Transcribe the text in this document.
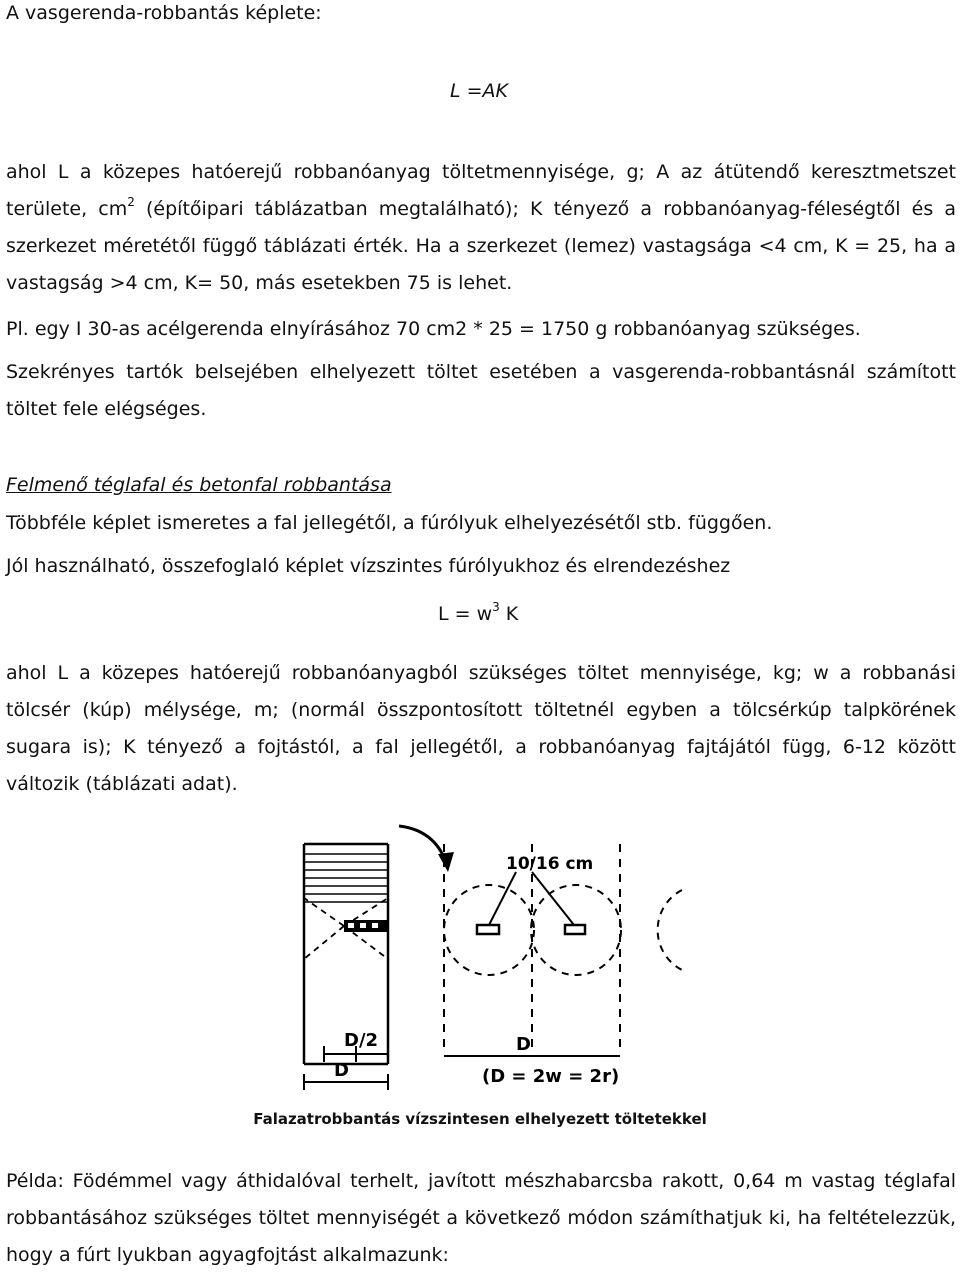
A vasgerenda-robbantás képlete:
L =AK
ahol L a közepes hatóerejű robbanóanyag töltetmennyisége, g; A az átütendő keresztmetszet területe, $cm^2$ (építőipari táblázatban megtalálható); K tényező a robbanóanyag-féleségtől és a szerkezet méretétől függő táblázati érték. Ha a szerkezet (lemez) vastagsága <4 cm, K = 25, ha a vastagság >4 cm, K= 50, más esetekben 75 is lehet.
Pl. egy I 30-as acélgerenda elnyírásához 70 cm2 * 25 = 1750 g robbanóanyag szükséges.
Szekrényes tartók belsejében elhelyezett töltet esetében a vasgerenda-robbantásnál számított töltet fele elégséges.
Felmenő téglafal és betonfal robbantása
Többféle képlet ismeretes a fal jellegétől, a fúrólyuk elhelyezésétől stb. függően.
Jól használható, összefoglaló képlet vízszintes fúrólyukhoz és elrendezéshez
$L = w^3$ K
ahol L a közepes hatóerejű robbanóanyagból szükséges töltet mennyisége, kg; w a robbanási tölcsér (kúp) mélysége, m; (normál összpontosított töltetnél egyben a tölcsérkúp talpkörének sugara is); K tényező a fojtástól, a fal jellegétől, a robbanóanyag fajtájától függ, 6-12 között változik (táblázati adat).
10/16 cm
D/2
D
D
(D = 2w = 2r)
Falazatrobbantás vízszintesen elhelyezett töltetekkel
Példa: Födémmel vagy áthidalóval terhelt, javított mészhabarcsba rakott, 0,64 m vastag téglafal robbantásához szükséges töltet mennyiségét a következő módon számíthatjuk ki, ha feltételezzük, hogy a fúrt lyukban agyagfojtást alkalmazunk:
